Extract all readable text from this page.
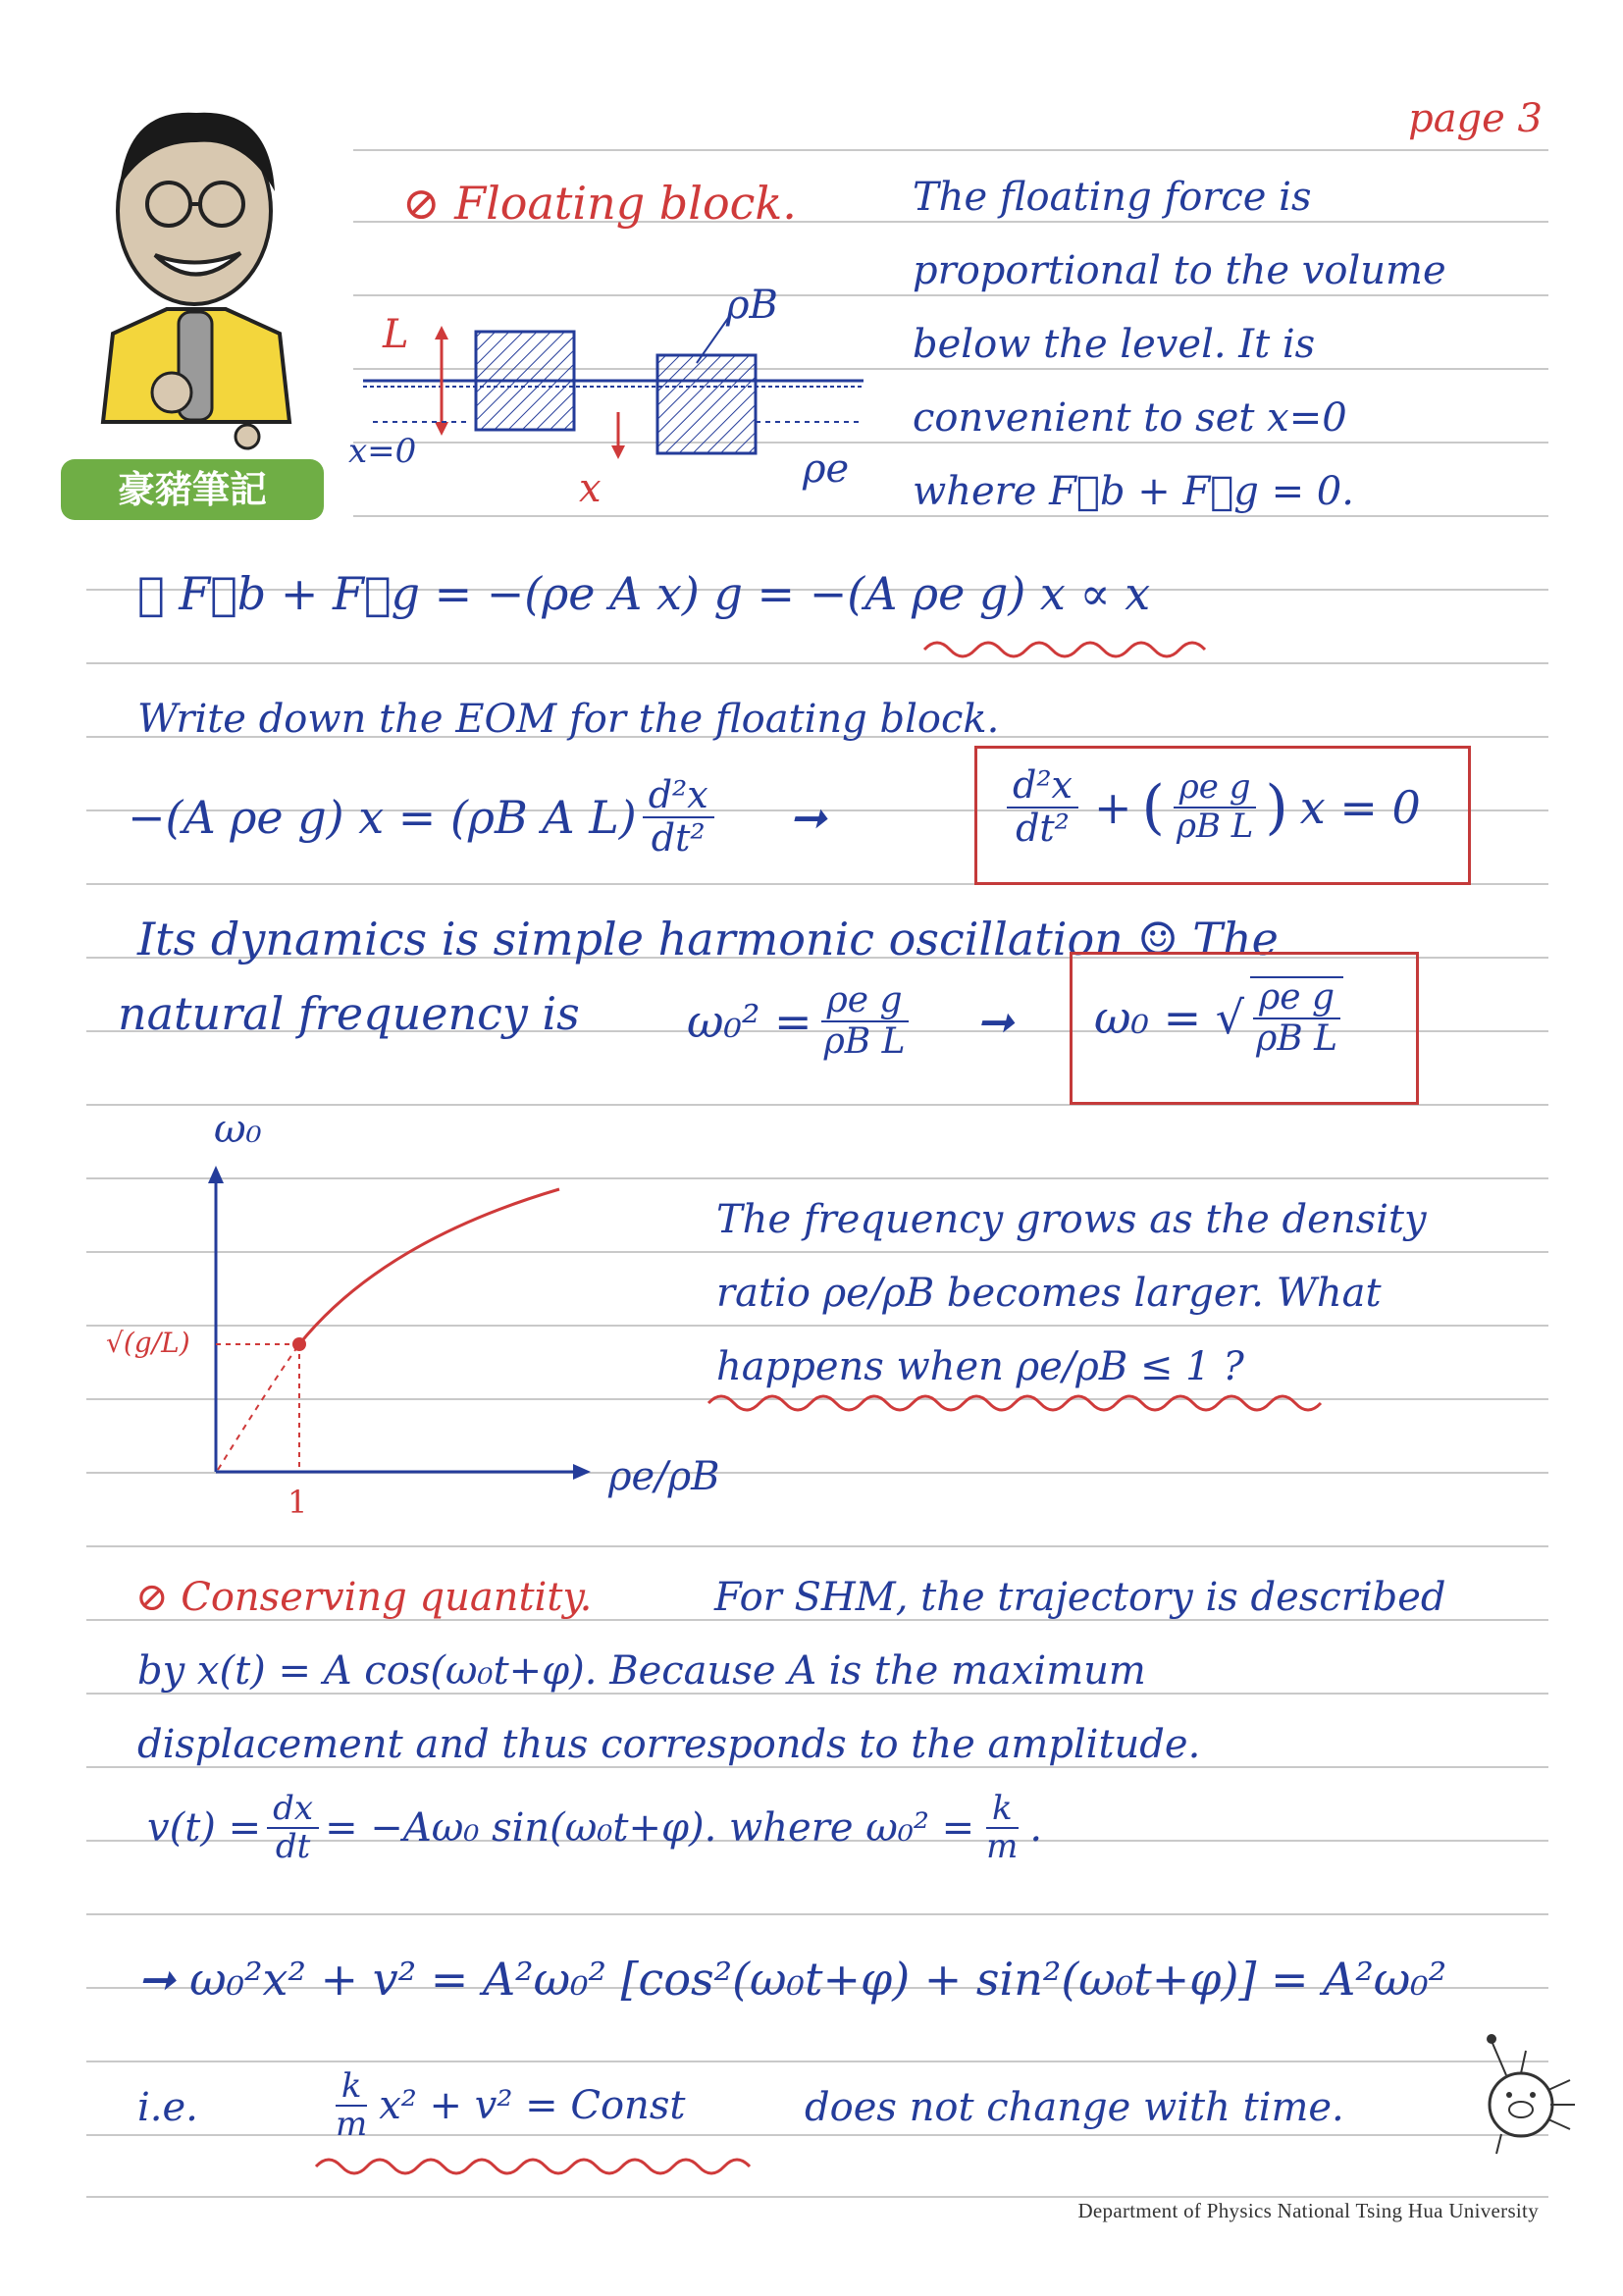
page 3
豪豬筆記
⊘ Floating block.	The floating force is
proportional to the volume
below the level. It is
convenient to set x=0
where F⃗b + F⃗g = 0.
L
ρB
x=0
x	ρe
➞ F⃗b + F⃗g = −(ρe A x) g = −(A ρe g) x ∝ x
Write down the EOM for the floating block.
−(A ρe g) x = (ρB A $L) \frac{\text{d²x}}{\text{dt²}}$ ➞	$\frac{\text{d²x}}{\text{dt²}}$ + ( $\frac{\text{ρe g}}{\text{ρB L}}$ ) x = 0
Its dynamics is simple harmonic oscillation ☺ The
natural frequency is $\omega_0^2 = \frac{\text{ρe g}}{\text{ρB L}}$ ➞ ω₀ = √ $\frac{\text{ρe g}}{\text{ρB L}}$
ω₀
ρe/ρB
√(g/L)
1
The frequency grows as the density
ratio ρe/ρB becomes larger. What
happens when ρe/ρB ≤ 1 ?
⊘ Conserving quantity.	For SHM, the trajectory is described
by x(t) = A cos(ω₀t+φ). Because A is the maximum
displacement and thus corresponds to the amplitude.
$v(t) = \frac{dx}{dt} = -A\omega_0$ sin(ω₀t+φ). where $\omega_0^2 = \frac{k}{m}$ .
➞ ω₀²x² + v² = A²ω₀² [cos²(ω₀t+φ) + sin²(ω₀t+φ)] = A²ω₀²
i.e.	$\frac{k}{m} x^2 + v^2$ = Const	does not change with time.
Department of Physics National Tsing Hua University
